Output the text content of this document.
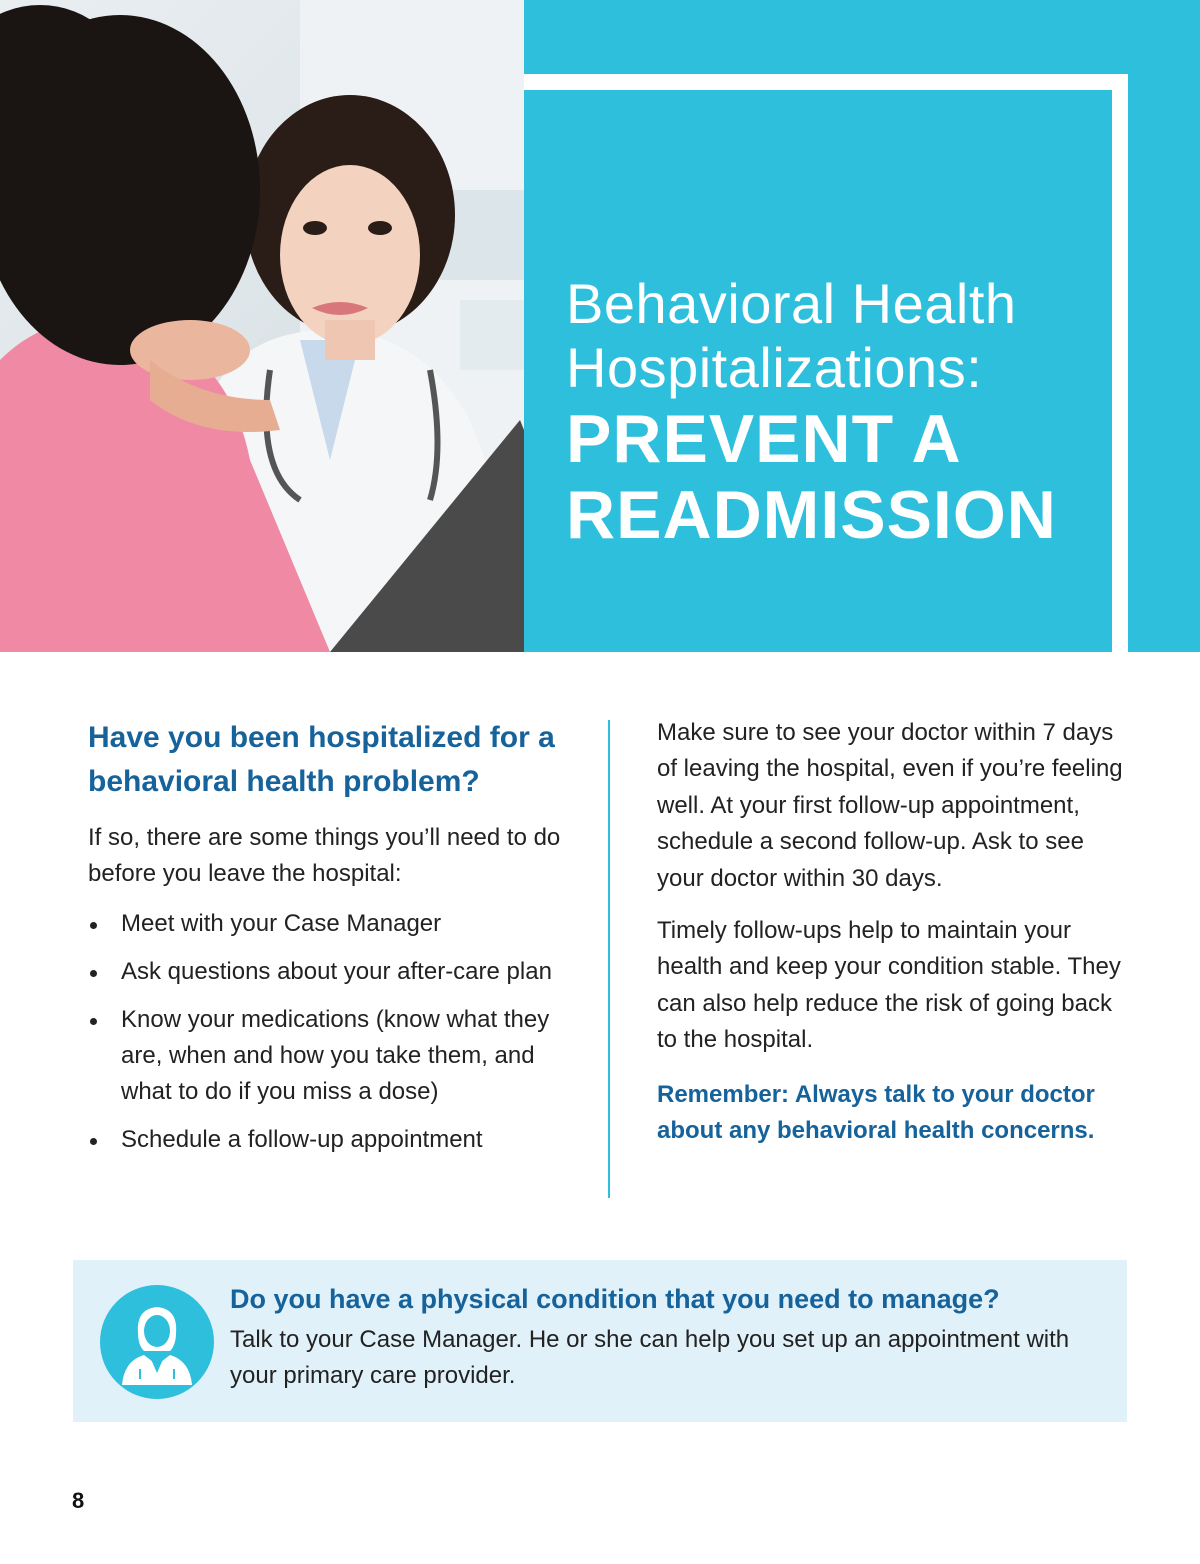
Behavioral Health
Hospitalizations:
PREVENT A
READMISSION
Have you been hospitalized for a behavioral health problem?

If so, there are some things you’ll need to do before you leave the hospital:

Meet with your Case Manager
Ask questions about your after-care plan
Know your medications (know what they are, when and how you take them, and what to do if you miss a dose)
Schedule a follow-up appointment

Make sure to see your doctor within 7 days of leaving the hospital, even if you’re feeling well. At your first follow-up appointment, schedule a second follow-up. Ask to see your doctor within 30 days.

Timely follow-ups help to maintain your health and keep your condition stable. They can also help reduce the risk of going back to the hospital.

Remember: Always talk to your doctor about any behavioral health concerns.

Do you have a physical condition that you need to manage?

Talk to your Case Manager. He or she can help you set up an appointment with your primary care provider.

8
